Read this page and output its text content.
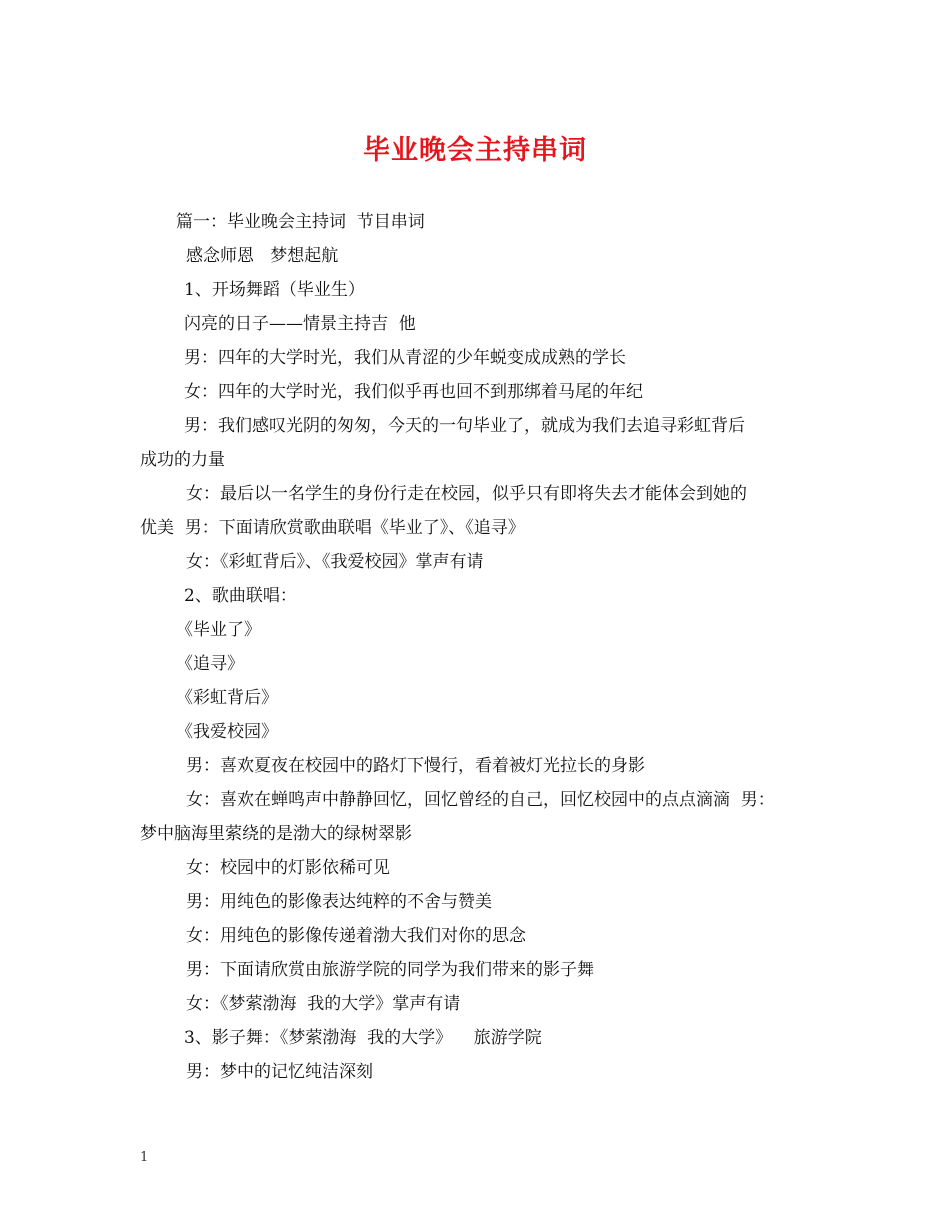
毕业晚会主持串词

篇一：毕业晚会主持词  节目串词

感念师恩   梦想起航

1、开场舞蹈（毕业生）

闪亮的日子——情景主持吉  他

男：四年的大学时光，我们从青涩的少年蜕变成成熟的学长

女：四年的大学时光，我们似乎再也回不到那绑着马尾的年纪

男：我们感叹光阴的匆匆，今天的一句毕业了，就成为我们去追寻彩虹背后

成功的力量

女：最后以一名学生的身份行走在校园，似乎只有即将失去才能体会到她的

优美  男：下面请欣赏歌曲联唱《毕业了》、《追寻》

女：《彩虹背后》、《我爱校园》掌声有请

2、歌曲联唱：

《毕业了》

《追寻》

《彩虹背后》

《我爱校园》

男：喜欢夏夜在校园中的路灯下慢行，看着被灯光拉长的身影

女：喜欢在蝉鸣声中静静回忆，回忆曾经的自己，回忆校园中的点点滴滴  男：

梦中脑海里萦绕的是渤大的绿树翠影

女：校园中的灯影依稀可见

男：用纯色的影像表达纯粹的不舍与赞美

女：用纯色的影像传递着渤大我们对你的思念

男：下面请欣赏由旅游学院的同学为我们带来的影子舞

女：《梦萦渤海  我的大学》掌声有请

3、影子舞：《梦萦渤海  我的大学》    旅游学院

男：梦中的记忆纯洁深刻

1
